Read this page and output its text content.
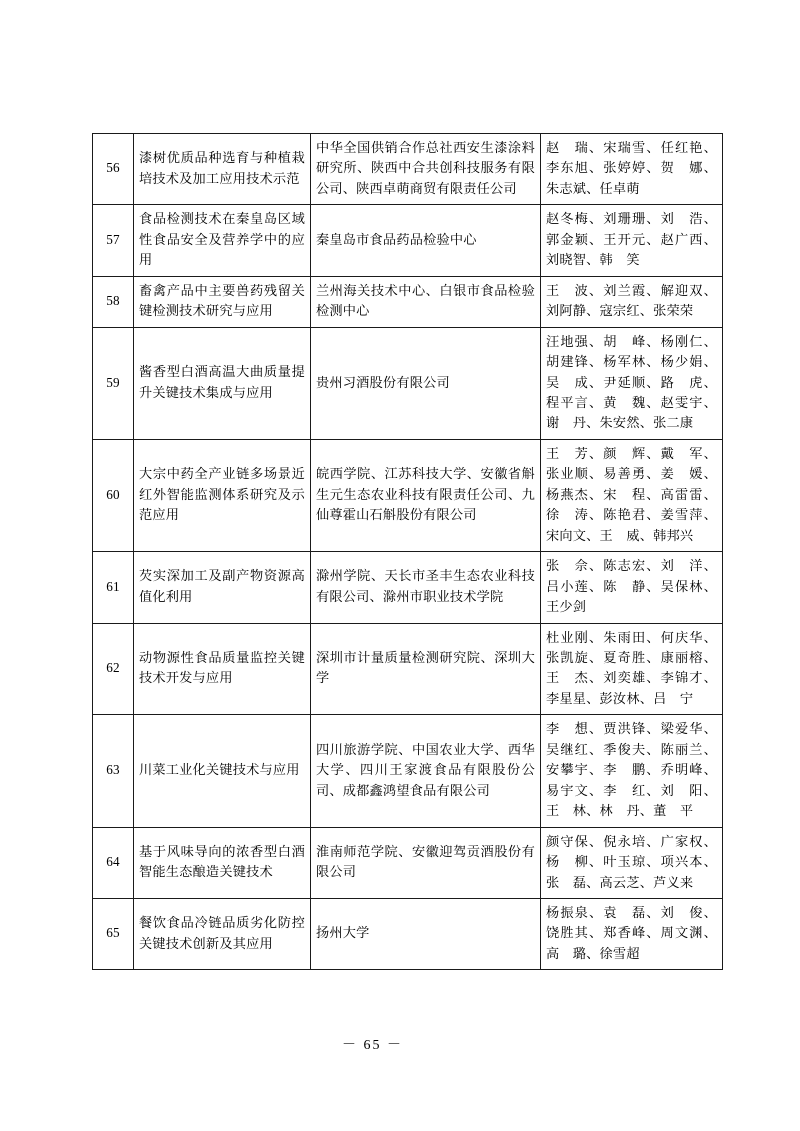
56	漆树优质品种选育与种植栽培技术及加工应用技术示范	中华全国供销合作总社西安生漆涂料研究所、陕西中合共创科技服务有限公司、陕西卓萌商贸有限责任公司	赵　瑞、宋瑞雪、任红艳、李东旭、张婷婷、贺　娜、朱志斌、任卓萌
57	食品检测技术在秦皇岛区域性食品安全及营养学中的应用	秦皇岛市食品药品检验中心	赵冬梅、刘珊珊、刘　浩、郭金颖、王开元、赵广西、刘晓智、韩　笑
58	畜禽产品中主要兽药残留关键检测技术研究与应用	兰州海关技术中心、白银市食品检验检测中心	王　波、刘兰霞、解迎双、刘阿静、寇宗红、张荣荣
59	酱香型白酒高温大曲质量提升关键技术集成与应用	贵州习酒股份有限公司	汪地强、胡　峰、杨刚仁、胡建锋、杨军林、杨少娟、吴　成、尹延顺、路　虎、程平言、黄　魏、赵雯宇、谢　丹、朱安然、张二康
60	大宗中药全产业链多场景近红外智能监测体系研究及示范应用	皖西学院、江苏科技大学、安徽省斛生元生态农业科技有限责任公司、九仙尊霍山石斛股份有限公司	王　芳、颜　辉、戴　军、张业顺、易善勇、姜　媛、杨燕杰、宋　程、高雷雷、徐　涛、陈艳君、姜雪萍、宋向文、王　威、韩邦兴
61	芡实深加工及副产物资源高值化利用	滁州学院、天长市圣丰生态农业科技有限公司、滁州市职业技术学院	张　佘、陈志宏、刘　洋、吕小莲、陈　静、吴保林、王少剑
62	动物源性食品质量监控关键技术开发与应用	深圳市计量质量检测研究院、深圳大学	杜业刚、朱雨田、何庆华、张凯旋、夏奇胜、康丽榕、王　杰、刘奕雄、李锦才、李星星、彭汝林、吕　宁
63	川菜工业化关键技术与应用	四川旅游学院、中国农业大学、西华大学、四川王家渡食品有限股份公司、成都鑫鸿望食品有限公司	李　想、贾洪锋、梁爱华、吴继红、季俊夫、陈丽兰、安攀宇、李　鹏、乔明峰、易宇文、李　红、刘　阳、王　林、林　丹、董　平
64	基于风味导向的浓香型白酒智能生态酿造关键技术	淮南师范学院、安徽迎驾贡酒股份有限公司	颜守保、倪永培、广家权、杨　柳、叶玉琼、项兴本、张　磊、高云芝、芦义来
65	餐饮食品冷链品质劣化防控关键技术创新及其应用	扬州大学	杨振泉、袁　磊、刘　俊、饶胜其、郑香峰、周文渊、高　璐、徐雪超
－ 65 －
